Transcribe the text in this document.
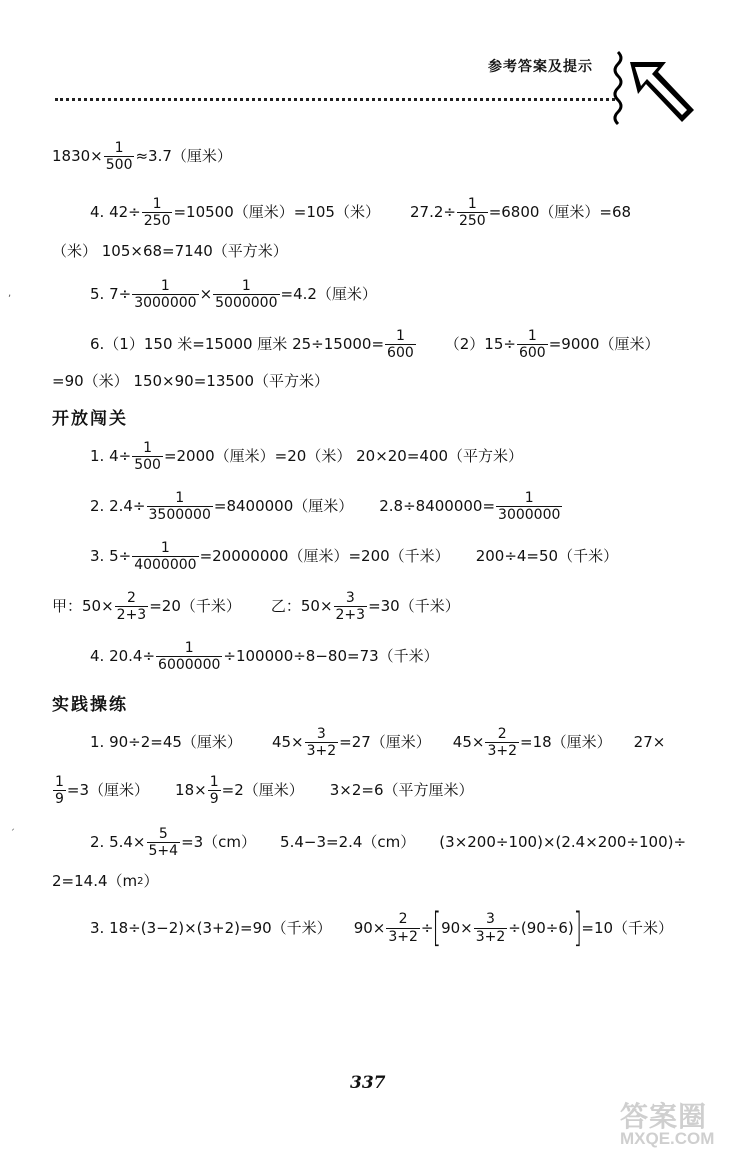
参考答案及提示
$1830\times \frac{1}{500} \approx 3.7$（厘米）
4. $42\div \frac{1}{250} =10500$（厘米）=105（米） $27.2\div \frac{1}{250} =6800$（厘米）=68
（米） 105×68=7140（平方米）
5. $7\div \frac{1}{3000000} \times \frac{1}{5000000} =4.2$（厘米）
6.（1）150 米=15000 厘米 $25\div 15000= \frac{1}{600} (2)15\div \frac{1}{600} =9000$（厘米）
=90（米） 150×90=13500（平方米）
开放闯关
1. $4\div \frac{1}{500} =2000$（厘米）=20（米） 20×20=400（平方米）
2. $2.4\div \frac{1}{3500000} =8400000$（厘米） $2.8\div 8400000= \frac{1}{3000000}$
3. $5\div \frac{1}{4000000} =20000000$（厘米）=200（千米） 200÷4=50（千米）
甲：$50\times \frac{2}{2+3} =20$（千米） 乙：$50\times \frac{3}{2+3} =30$（千米）
4. $20.4\div \frac{1}{6000000} \div 100000\div 8-80=73$（千米）
实践操练
1. 90÷2=45（厘米） $45\times \frac{3}{3+2} =27$（厘米） $45\times \frac{2}{3+2} =18$（厘米） 27×
$\frac{1}{9} =3$（厘米） $18\times \frac{1}{9} =2$（厘米） 3×2=6（平方厘米）
2. $5.4\times \frac{5}{5+4} =3(cm)$ 5.4−3=2.4（cm） (3×200÷100)×(2.4×200÷100)÷
2=14.4（m 2 ）
3. 18÷(3−2)×(3+2)=90（千米） $90\times \frac{2}{3+2}$ ÷ [ $90\times \frac{3}{3+2} \div(90\div 6)$ ] =10（千米）
337
答案圈
MXQE.COM
,
ˏ
